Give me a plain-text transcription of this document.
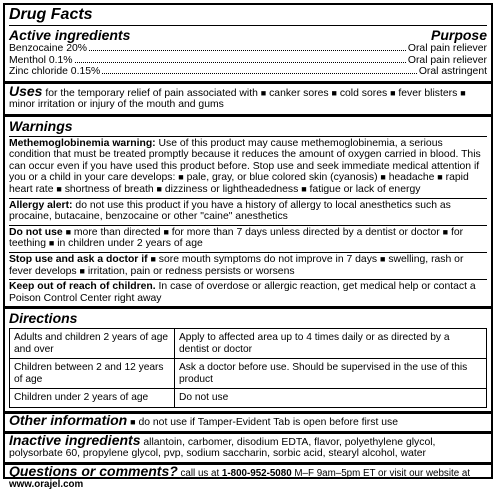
Drug Facts
Active ingredients	Purpose
Benzocaine 20%	Oral pain reliever
Menthol 0.1%	Oral pain reliever
Zinc chloride 0.15%	Oral astringent
Uses for the temporary relief of pain associated with ■ canker sores ■ cold sores ■ fever blisters ■ minor irritation or injury of the mouth and gums
Warnings
Methemoglobinemia warning: Use of this product may cause methemoglobinemia, a serious condition that must be treated promptly because it reduces the amount of oxygen carried in blood. This can occur even if you have used this product before. Stop use and seek immediate medical attention if you or a child in your care develops: ■ pale, gray, or blue colored skin (cyanosis) ■ headache ■ rapid heart rate ■ shortness of breath ■ dizziness or lightheadedness ■ fatigue or lack of energy
Allergy alert: do not use this product if you have a history of allergy to local anesthetics such as procaine, butacaine, benzocaine or other "caine" anesthetics
Do not use ■ more than directed ■ for more than 7 days unless directed by a dentist or doctor ■ for teething ■ in children under 2 years of age
Stop use and ask a doctor if ■ sore mouth symptoms do not improve in 7 days ■ swelling, rash or fever develops ■ irritation, pain or redness persists or worsens
Keep out of reach of children. In case of overdose or allergic reaction, get medical help or contact a Poison Control Center right away
Directions
Adults and children 2 years of age and over	Apply to affected area up to 4 times daily or as directed by a dentist or doctor
Children between 2 and 12 years of age	Ask a doctor before use. Should be supervised in the use of this product
Children under 2 years of age	Do not use
Other information ■ do not use if Tamper-Evident Tab is open before first use
Inactive ingredients allantoin, carbomer, disodium EDTA, flavor, polyethylene glycol, polysorbate 60, propylene glycol, pvp, sodium saccharin, sorbic acid, stearyl alcohol, water
Questions or comments? call us at 1-800-952-5080 M–F 9am–5pm ET or visit our website at www.orajel.com
